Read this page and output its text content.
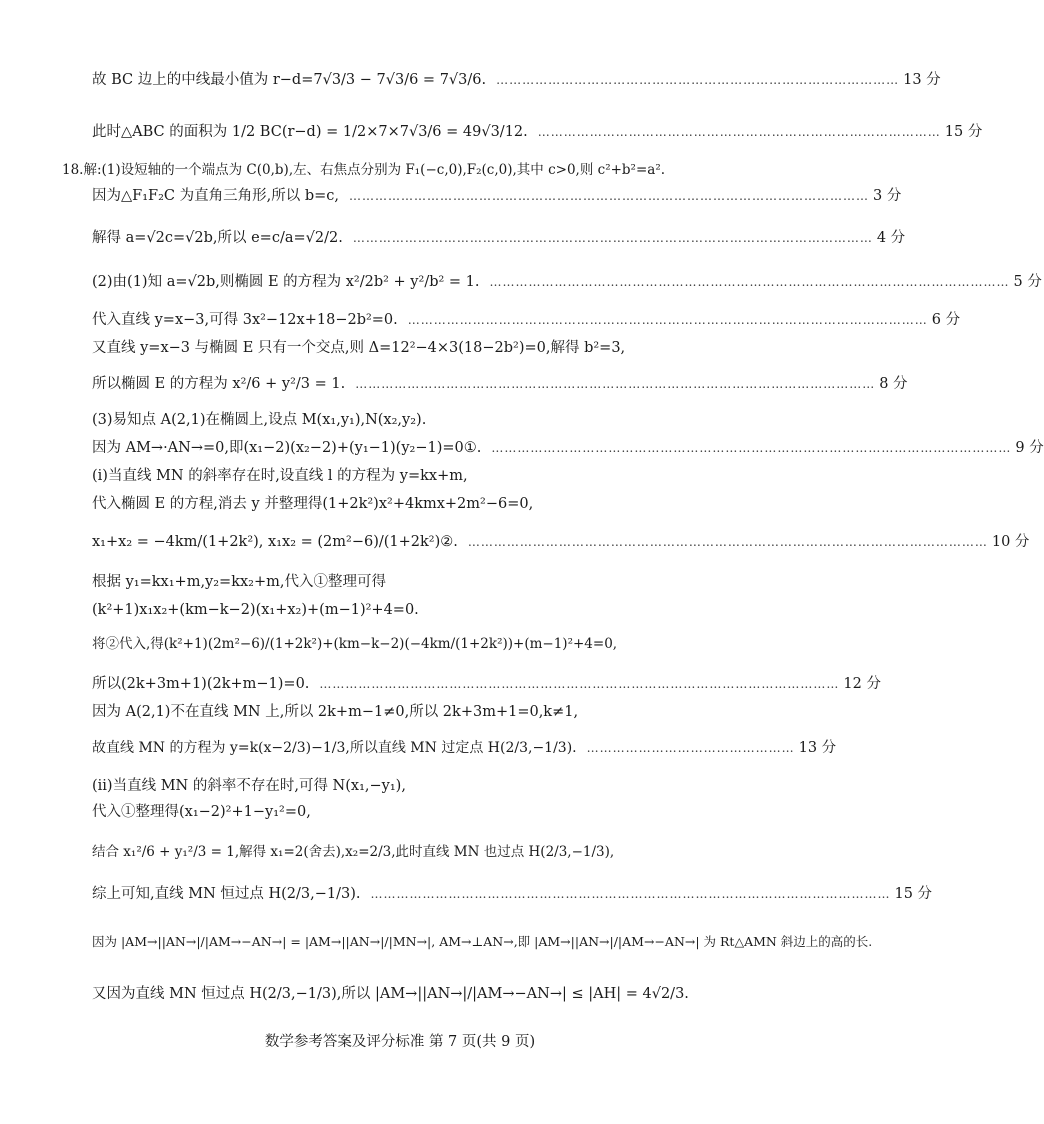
故 BC 边上的中线最小值为 r−d=7√3/3 − 7√3/6 = 7√3/6. ………………………………………………………………………………… 13 分
此时△ABC 的面积为 1/2 BC(r−d) = 1/2×7×7√3/6 = 49√3/12. ………………………………………………………………………………… 15 分
18.解:(1)设短轴的一个端点为 C(0,b),左、右焦点分别为 F₁(−c,0),F₂(c,0),其中 c>0,则 c²+b²=a².
因为△F₁F₂C 为直角三角形,所以 b=c, ………………………………………………………………………………………………………… 3 分
解得 a=√2c=√2b,所以 e=c/a=√2/2. ………………………………………………………………………………………………………… 4 分
(2)由(1)知 a=√2b,则椭圆 E 的方程为 x²/2b² + y²/b² = 1. ………………………………………………………………………………………………………… 5 分
代入直线 y=x−3,可得 3x²−12x+18−2b²=0. ………………………………………………………………………………………………………… 6 分
又直线 y=x−3 与椭圆 E 只有一个交点,则 Δ=12²−4×3(18−2b²)=0,解得 b²=3,
所以椭圆 E 的方程为 x²/6 + y²/3 = 1. ………………………………………………………………………………………………………… 8 分
(3)易知点 A(2,1)在椭圆上,设点 M(x₁,y₁),N(x₂,y₂).
因为 AM→·AN→=0,即(x₁−2)(x₂−2)+(y₁−1)(y₂−1)=0①. ………………………………………………………………………………………………………… 9 分
(ⅰ)当直线 MN 的斜率存在时,设直线 l 的方程为 y=kx+m,
代入椭圆 E 的方程,消去 y 并整理得(1+2k²)x²+4kmx+2m²−6=0,
x₁+x₂ = −4km/(1+2k²), x₁x₂ = (2m²−6)/(1+2k²)②. ………………………………………………………………………………………………………… 10 分
根据 y₁=kx₁+m,y₂=kx₂+m,代入①整理可得
(k²+1)x₁x₂+(km−k−2)(x₁+x₂)+(m−1)²+4=0.
将②代入,得(k²+1)(2m²−6)/(1+2k²)+(km−k−2)(−4km/(1+2k²))+(m−1)²+4=0,
所以(2k+3m+1)(2k+m−1)=0. ………………………………………………………………………………………………………… 12 分
因为 A(2,1)不在直线 MN 上,所以 2k+m−1≠0,所以 2k+3m+1=0,k≠1,
故直线 MN 的方程为 y=k(x−2/3)−1/3,所以直线 MN 过定点 H(2/3,−1/3). ………………………………………… 13 分
(ⅱ)当直线 MN 的斜率不存在时,可得 N(x₁,−y₁),
代入①整理得(x₁−2)²+1−y₁²=0,
结合 x₁²/6 + y₁²/3 = 1,解得 x₁=2(舍去),x₂=2/3,此时直线 MN 也过点 H(2/3,−1/3),
综上可知,直线 MN 恒过点 H(2/3,−1/3). ………………………………………………………………………………………………………… 15 分
因为 |AM→||AN→|/|AM→−AN→| = |AM→||AN→|/|MN→|, AM→⊥AN→,即 |AM→||AN→|/|AM→−AN→| 为 Rt△AMN 斜边上的高的长.
又因为直线 MN 恒过点 H(2/3,−1/3),所以 |AM→||AN→|/|AM→−AN→| ≤ |AH| = 4√2/3.
数学参考答案及评分标准 第 7 页(共 9 页)
